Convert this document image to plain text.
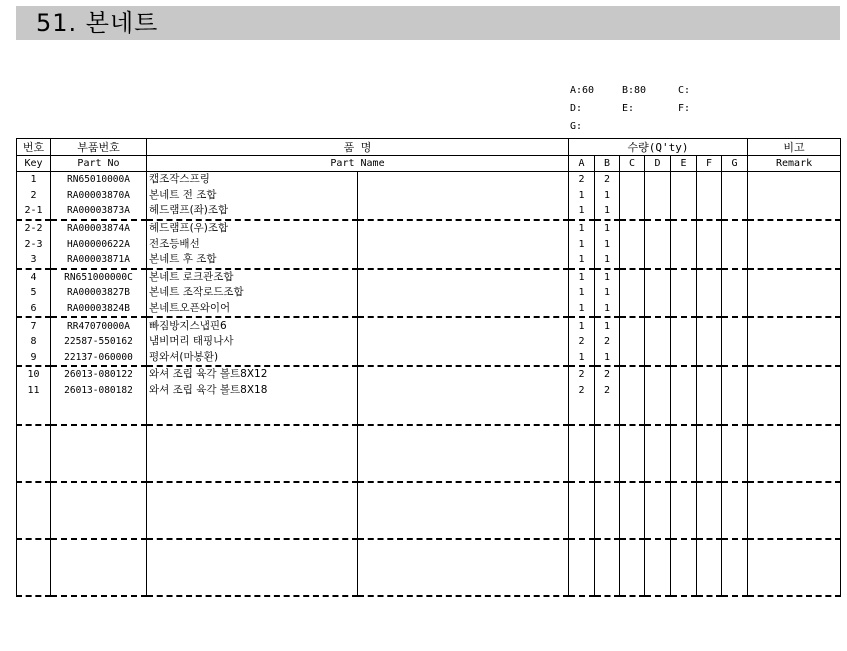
51. 본네트
A:60	B:80	C:
D:	E:	F:
G:
번호	부품번호	품 명		수량(Q'ty)							비고
Key	Part No	Part Name		A	B	C	D	E	F	G	Remark
1	RN65010000A	캡조작스프링		2	2						
2	RA00003870A	본네트 전 조합		1	1						
2-1	RA00003873A	헤드램프(좌)조합		1	1						
2-2	RA00003874A	헤드램프(우)조합		1	1						
2-3	HA00000622A	전조등배선		1	1						
3	RA00003871A	본네트 후 조합		1	1						
4	RN651000000C	본네트 로크관조합		1	1						
5	RA00003827B	본네트 조작로드조합		1	1						
6	RA00003824B	본네트오픈와이어		1	1						
7	RR47070000A	빠짐방지스냅핀6		1	1						
8	22587-550162	냄비머리 태핑나사		2	2						
9	22137-060000	평와셔(마봉환)		1	1						
10	26013-080122	와셔 조립 육각 볼트8X12		2	2						
11	26013-080182	와셔 조립 육각 볼트8X18		2	2						
